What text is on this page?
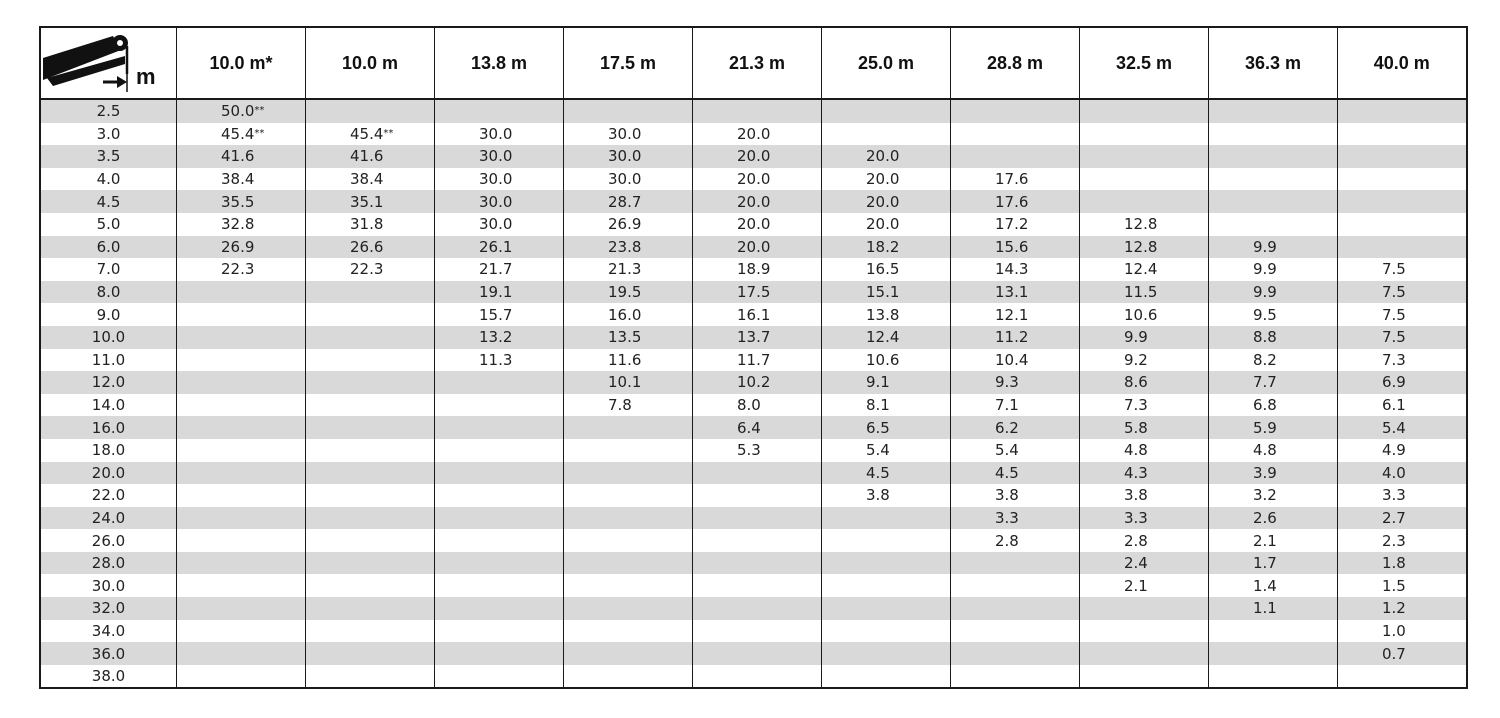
m	10.0 m*	10.0 m	13.8 m	17.5 m	21.3 m	25.0 m	28.8 m	32.5 m	36.3 m	40.0 m
2.5	50.0**									
3.0	45.4**	45.4**	30.0	30.0	20.0					
3.5	41.6	41.6	30.0	30.0	20.0	20.0				
4.0	38.4	38.4	30.0	30.0	20.0	20.0	17.6			
4.5	35.5	35.1	30.0	28.7	20.0	20.0	17.6			
5.0	32.8	31.8	30.0	26.9	20.0	20.0	17.2	12.8		
6.0	26.9	26.6	26.1	23.8	20.0	18.2	15.6	12.8	9.9	
7.0	22.3	22.3	21.7	21.3	18.9	16.5	14.3	12.4	9.9	7.5
8.0			19.1	19.5	17.5	15.1	13.1	11.5	9.9	7.5
9.0			15.7	16.0	16.1	13.8	12.1	10.6	9.5	7.5
10.0			13.2	13.5	13.7	12.4	11.2	9.9	8.8	7.5
11.0			11.3	11.6	11.7	10.6	10.4	9.2	8.2	7.3
12.0				10.1	10.2	9.1	9.3	8.6	7.7	6.9
14.0				7.8	8.0	8.1	7.1	7.3	6.8	6.1
16.0					6.4	6.5	6.2	5.8	5.9	5.4
18.0					5.3	5.4	5.4	4.8	4.8	4.9
20.0						4.5	4.5	4.3	3.9	4.0
22.0						3.8	3.8	3.8	3.2	3.3
24.0							3.3	3.3	2.6	2.7
26.0							2.8	2.8	2.1	2.3
28.0								2.4	1.7	1.8
30.0								2.1	1.4	1.5
32.0									1.1	1.2
34.0										1.0
36.0										0.7
38.0										
